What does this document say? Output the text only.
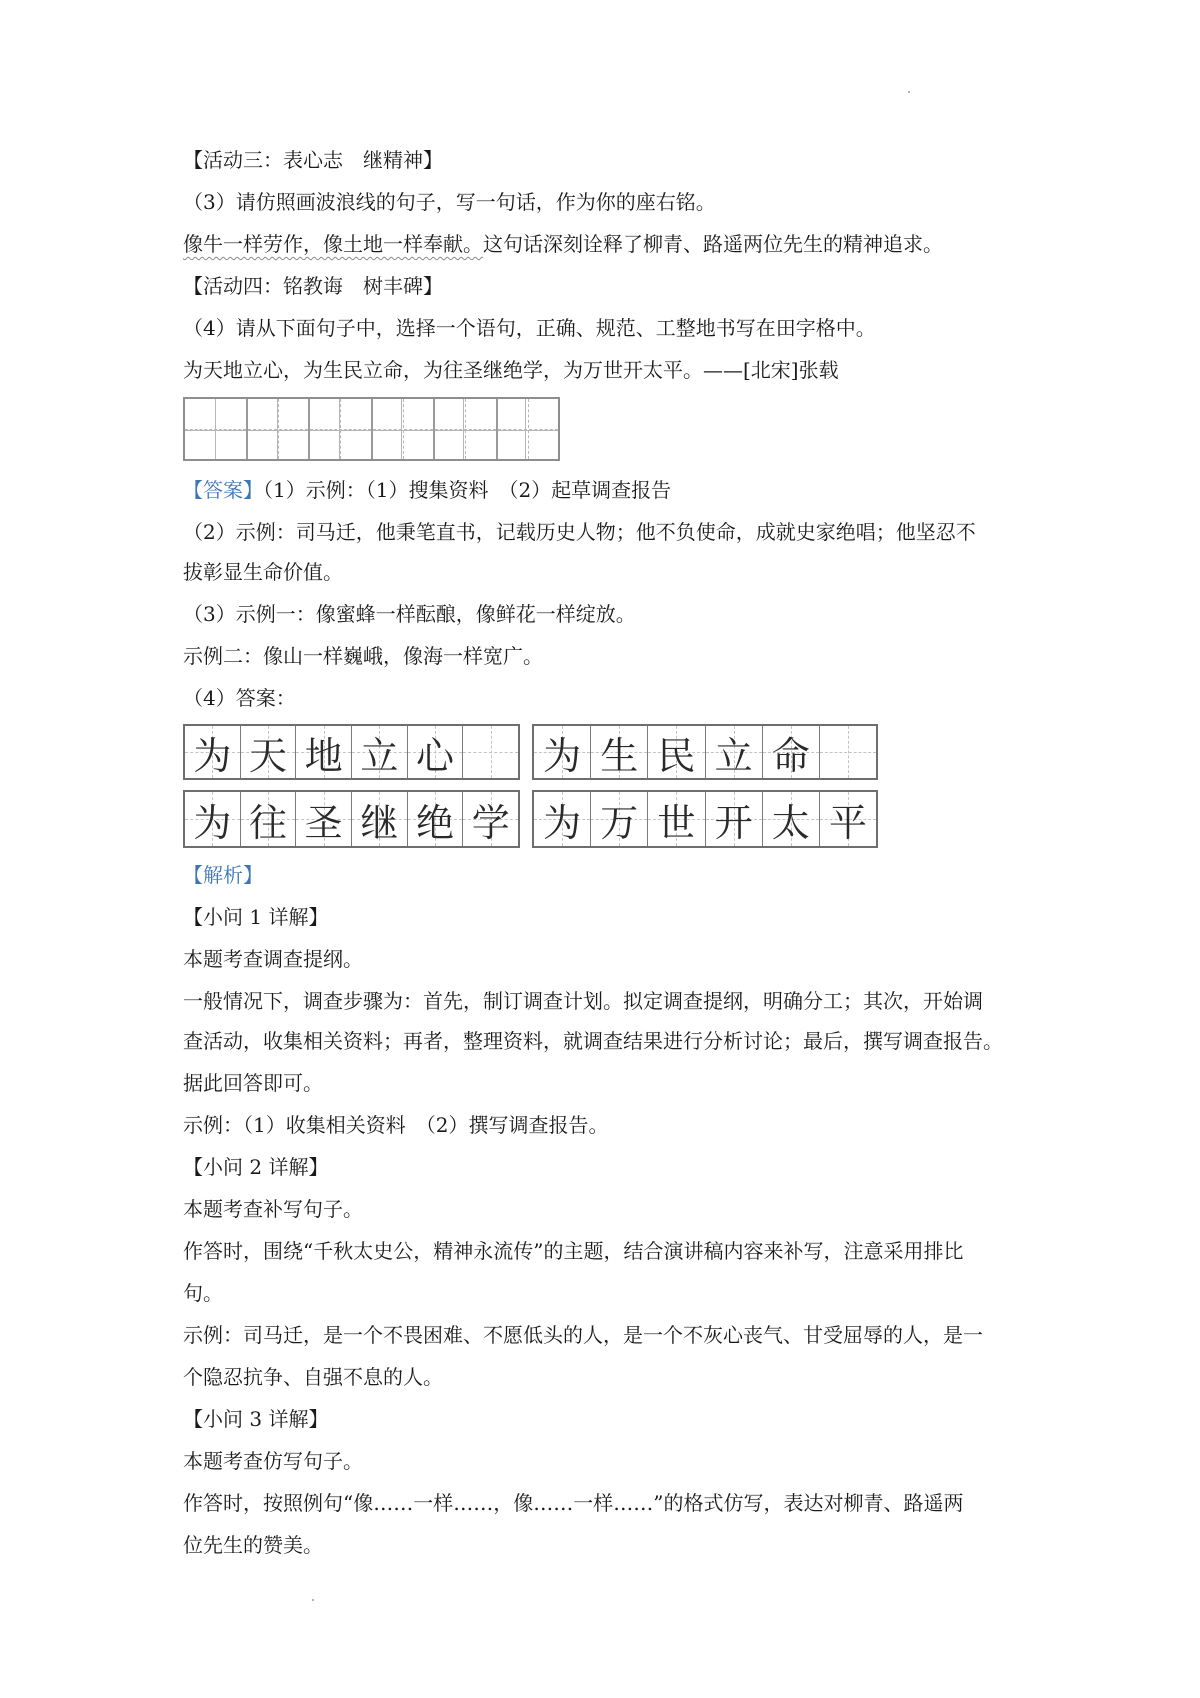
【活动三：表心志　继精神】
（3）请仿照画波浪线的句子，写一句话，作为你的座右铭。
像牛一样劳作，像土地一样奉献。这句话深刻诠释了柳青、路遥两位先生的精神追求。
【活动四：铭教诲　树丰碑】
（4）请从下面句子中，选择一个语句，正确、规范、工整地书写在田字格中。
为天地立心，为生民立命，为往圣继绝学，为万世开太平。——[北宋]张载
【答案】（1）示例：（1）搜集资料　（2）起草调查报告
（2）示例：司马迁，他秉笔直书，记载历史人物；他不负使命，成就史家绝唱；他坚忍不
拔彰显生命价值。
（3）示例一：像蜜蜂一样酝酿，像鲜花一样绽放。
示例二：像山一样巍峨，像海一样宽广。
（4）答案：
为 天 地 立 心 为 生 民 立 命
为 往 圣 继 绝 学 为 万 世 开 太 平
【解析】
【小问 1 详解】
本题考查调查提纲。
一般情况下，调查步骤为：首先，制订调查计划。拟定调查提纲，明确分工；其次，开始调
查活动，收集相关资料；再者，整理资料，就调查结果进行分析讨论；最后，撰写调查报告。
据此回答即可。
示例：（1）收集相关资料　（2）撰写调查报告。
【小问 2 详解】
本题考查补写句子。
作答时，围绕“千秋太史公，精神永流传”的主题，结合演讲稿内容来补写，注意采用排比
句。
示例：司马迁，是一个不畏困难、不愿低头的人，是一个不灰心丧气、甘受屈辱的人，是一
个隐忍抗争、自强不息的人。
【小问 3 详解】
本题考查仿写句子。
作答时，按照例句“像……一样……，像……一样……”的格式仿写，表达对柳青、路遥两
位先生的赞美。
